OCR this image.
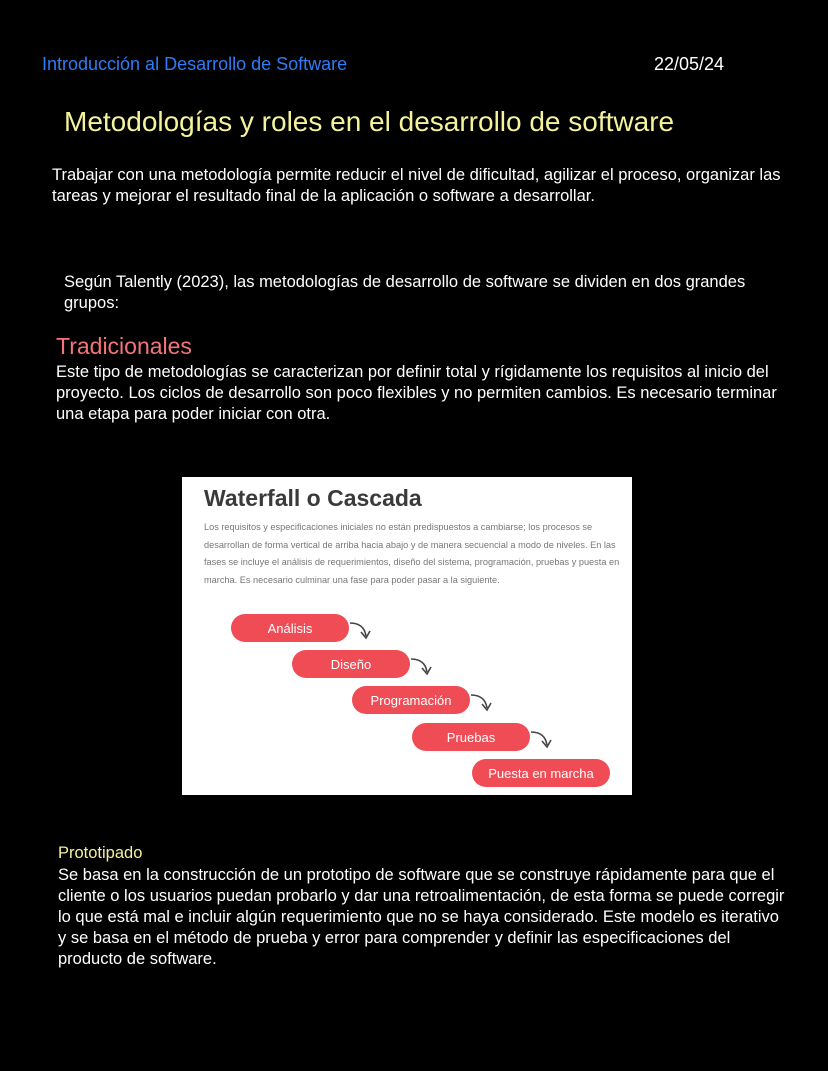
Introducción al Desarrollo de Software	22/05/24
Metodologías y roles en el desarrollo de software

Trabajar con una metodología permite reducir el nivel de dificultad, agilizar el proceso, organizar las tareas y mejorar el resultado final de la aplicación o software a desarrollar.

Según Talently (2023), las metodologías de desarrollo de software se dividen en dos grandes grupos:

Tradicionales

Este tipo de metodologías se caracterizan por definir total y rígidamente los requisitos al inicio del proyecto. Los ciclos de desarrollo son poco flexibles y no permiten cambios. Es necesario terminar una etapa para poder iniciar con otra.

Waterfall o Cascada

Los requisitos y especificaciones iniciales no están predispuestos a cambiarse; los procesos se desarrollan de forma vertical de arriba hacia abajo y de manera secuencial a modo de niveles. En las fases se incluye el análisis de requerimientos, diseño del sistema, programación, pruebas y puesta en marcha. Es necesario culminar una fase para poder pasar a la siguiente.

Análisis
Diseño
Programación
Pruebas
Puesta en marcha
Prototipado

Se basa en la construcción de un prototipo de software que se construye rápidamente para que el cliente o los usuarios puedan probarlo y dar una retroalimentación, de esta forma se puede corregir lo que está mal e incluir algún requerimiento que no se haya considerado. Este modelo es iterativo y se basa en el método de prueba y error para comprender y definir las especificaciones del producto de software.
